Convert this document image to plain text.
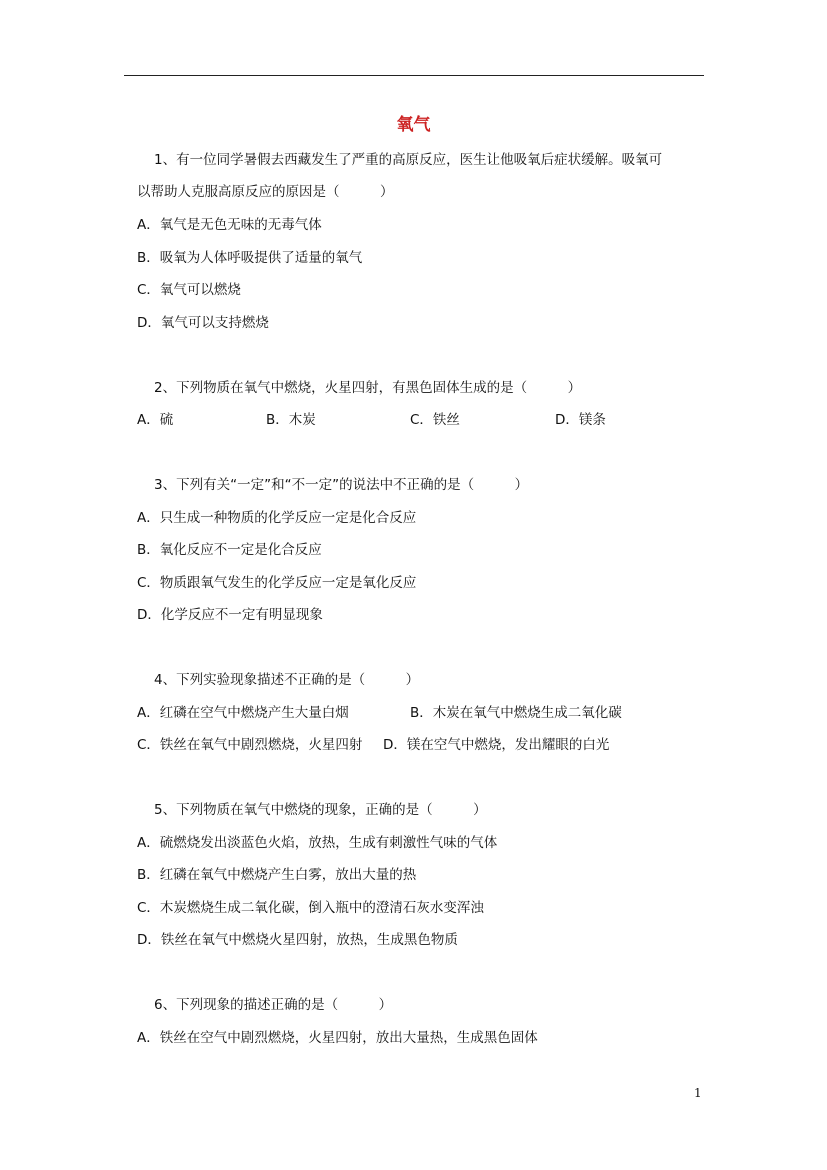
氧气
1、有一位同学暑假去西藏发生了严重的高原反应，医生让他吸氧后症状缓解。吸氧可
以帮助人克服高原反应的原因是（　　　）
A．氧气是无色无味的无毒气体
B．吸氧为人体呼吸提供了适量的氧气
C．氧气可以燃烧
D．氧气可以支持燃烧
2、下列物质在氧气中燃烧，火星四射，有黑色固体生成的是（　　　）
A．硫	B．木炭	C．铁丝	D．镁条
3、下列有关“一定”和“不一定”的说法中不正确的是（　　　）
A．只生成一种物质的化学反应一定是化合反应
B．氧化反应不一定是化合反应
C．物质跟氧气发生的化学反应一定是氧化反应
D．化学反应不一定有明显现象
4、下列实验现象描述不正确的是（　　　）
A．红磷在空气中燃烧产生大量白烟	B．木炭在氧气中燃烧生成二氧化碳
C．铁丝在氧气中剧烈燃烧，火星四射 D．镁在空气中燃烧，发出耀眼的白光
5、下列物质在氧气中燃烧的现象，正确的是（　　　）
A．硫燃烧发出淡蓝色火焰，放热，生成有刺激性气味的气体
B．红磷在氧气中燃烧产生白雾，放出大量的热
C．木炭燃烧生成二氧化碳，倒入瓶中的澄清石灰水变浑浊
D．铁丝在氧气中燃烧火星四射，放热，生成黑色物质
6、下列现象的描述正确的是（　　　）
A．铁丝在空气中剧烈燃烧，火星四射，放出大量热，生成黑色固体
1
